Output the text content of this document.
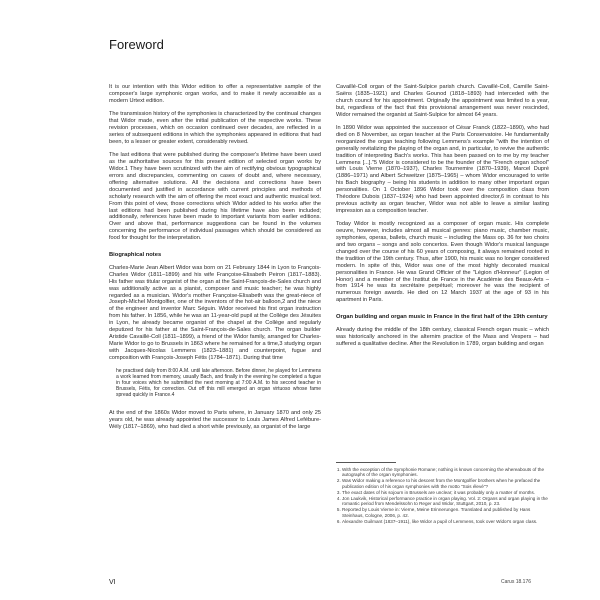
Foreword

It is our intention with this Widor edition to offer a representative sample of the composer's large symphonic organ works, and to make it newly accessible as a modern Urtext edition.

The transmission history of the symphonies is characterized by the continual changes that Widor made, even after the initial publication of the respective works. These revision processes, which on occasion continued over decades, are reflected in a series of subsequent editions in which the symphonies appeared in editions that had been, to a lesser or greater extent, considerably revised.

The last editions that were published during the composer's lifetime have been used as the authoritative sources for this present edition of selected organ works by Widor.1 They have been scrutinized with the aim of rectifying obvious typographical errors and discrepancies, commenting on cases of doubt and, where necessary, offering alternative solutions. All the decisions and corrections have been documented and justified in accordance with current principles and methods of scholarly research with the aim of offering the most exact and authentic musical text. From this point of view, those corrections which Widor added to his works after the last editions had been published during his lifetime have also been included; additionally, references have been made to important variants from earlier editions. Over and above that, performance suggestions can be found in the volumes concerning the performance of individual passages which should be considered as food for thought for the interpretation.

Biographical notes

Charles-Marie Jean Albert Widor was born on 21 February 1844 in Lyon to François-Charles Widor (1811–1899) and his wife Françoise-Elisabeth Peiron (1817–1883). His father was titular organist of the organ at the Saint-François-de-Sales church and was additionally active as a pianist, composer and music teacher; he was highly regarded as a musician. Widor's mother Françoise-Elisabeth was the great-niece of Joseph-Michel Montgolfier, one of the inventors of the hot-air balloon,2 and the niece of the engineer and inventor Marc Séguin. Widor received his first organ instruction from his father. In 1856, while he was an 11-year-old pupil at the Collège des Jésuites in Lyon, he already became organist of the chapel at the Collège and regularly deputized for his father at the Saint-François-de-Sales church. The organ builder Aristide Cavaillé-Coll (1811–1899), a friend of the Widor family, arranged for Charles-Marie Widor to go to Brussels in 1863 where he remained for a time,3 studying organ with Jacques-Nicolas Lemmens (1823–1881) and counterpoint, fugue and composition with François-Joseph Fétis (1784–1871). During that time

he practised daily from 8:00 A.M. until late afternoon. Before dinner, he played for Lemmens a work learned from memory, usually Bach, and finally in the evening he completed a fugue in four voices which he submitted the next morning at 7:00 A.M. to his second teacher in Brussels, Fétis, for correction. Out off this mill emerged an organ virtuoso whose fame spread quickly in France.4

At the end of the 1860s Widor moved to Paris where, in January 1870 and only 25 years old, he was already appointed the successor to Louis James Alfred Lefébure-Wély (1817–1869), who had died a short while previously, as organist of the large

Cavaillé-Coll organ of the Saint-Sulpice parish church. Cavaillé-Coll, Camille Saint-Saëns (1835–1921) and Charles Gounod (1818–1893) had interceded with the church council for his appointment. Originally the appointment was limited to a year, but, regardless of the fact that this provisional arrangement was never rescinded, Widor remained the organist at Saint-Sulpice for almost 64 years.

In 1890 Widor was appointed the successor of César Franck (1822–1890), who had died on 8 November, as organ teacher at the Paris Conservatoire. He fundamentally reorganized the organ teaching following Lemmens's example "with the intention of generally revitalizing the playing of the organ and, in particular, to revive the authentic tradition of interpreting Bach's works. This has been passed on to me by my teacher Lemmens [...]."5 Widor is considered to be the founder of the "French organ school" with Louis Vierne (1870–1937), Charles Tournemire (1870–1939), Marcel Dupré (1886–1971) and Albert Schweitzer (1875–1965) – whom Widor encouraged to write his Bach biography – being his students in addition to many other important organ personalities. On 1 October 1896 Widor took over the composition class from Théodore Dubois (1837–1924) who had been appointed director,6 in contrast to his previous activity as organ teacher, Widor was not able to leave a similar lasting impression as a composition teacher.

Today Widor is mostly recognized as a composer of organ music. His complete oeuvre, however, includes almost all musical genres: piano music, chamber music, symphonies, operas, ballets, church music – including the Mass op. 36 for two choirs and two organs – songs and solo concertos. Even though Widor's musical language changed over the course of his 60 years of composing, it always remained rooted in the tradition of the 19th century. Thus, after 1900, his music was no longer considered modern. In spite of this, Widor was one of the most highly decorated musical personalities in France. He was Grand Officier of the "Légion d'Honneur" (Legion of Honor) and a member of the Institut de France in the Académie des Beaux-Arts – from 1914 he was its secrétaire perpétuel; moreover he was the recipient of numerous foreign awards. He died on 12 March 1937 at the age of 93 in his apartment in Paris.

Organ building and organ music in France in the first half of the 19th century

Already during the middle of the 18th century, classical French organ music – which was historically anchored in the alternim practice of the Mass and Vespers – had suffered a qualitative decline. After the Revolution in 1789, organ building and organ

1. With the exception of the Symphonie Romane; nothing is known concerning the whereabouts of the autographs of the organ symphonies.
2. Was Widor making a reference to his descent from the Montgolfier brothers when he prefaced the publication edition of his organ symphonies with the motto "Sois élevé"?
3. The exact dates of his sojourn in Brussels are unclear; it was probably only a matter of months.
4. Jon Laukvik, Historical performance practice in organ playing. Vol. 2: Organs and organ playing in the romantic period from Mendelssohn to Reger and Widor, Stuttgart, 2010, p. 23.
5. Reported by Louis Vierne in: Vierne, Meine Erinnerungen. Translated and published by Hans Steinhaus, Cologne, 2006, p. 42.
6. Alexandre Guilmant (1837–1911), like Widor a pupil of Lemmens, took over Widor's organ class.
VI	Carus 18.176
